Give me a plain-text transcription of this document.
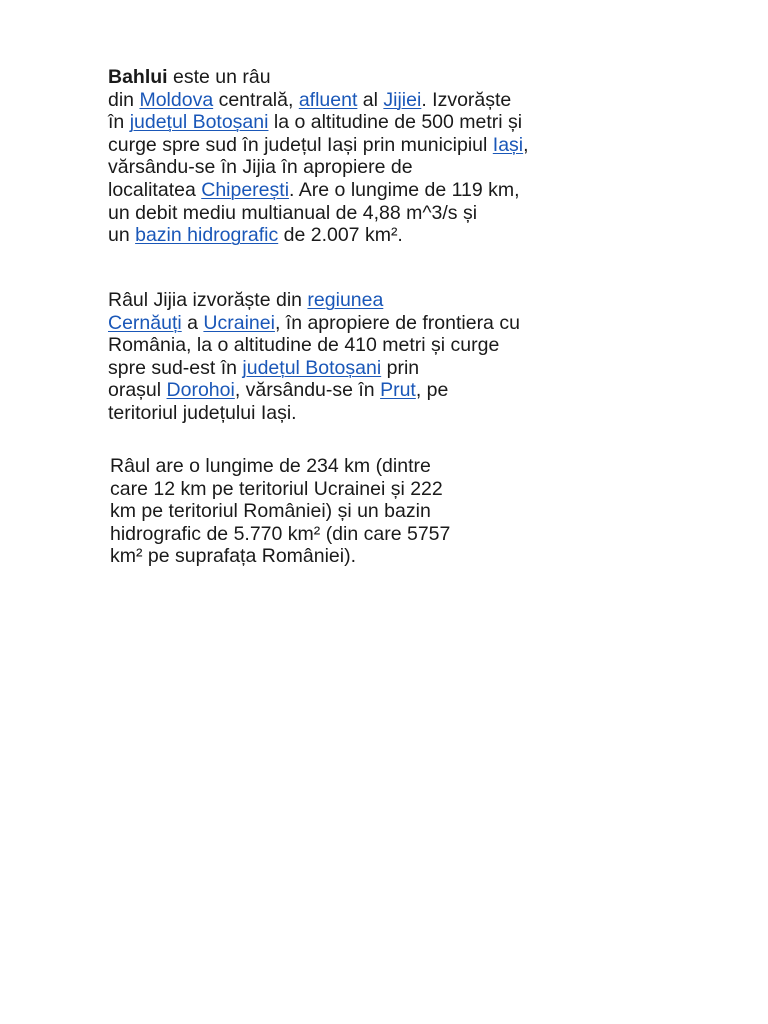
Bahlui este un râu
din Moldova centrală, afluent al Jijiei. Izvorăște
în județul Botoșani la o altitudine de 500 metri și
curge spre sud în județul Iași prin municipiul Iași,
vărsându-se în Jijia în apropiere de
localitatea Chiperești. Are o lungime de 119 km,
un debit mediu multianual de 4,88 m^3/s și
un bazin hidrografic de 2.007 km².
Râul Jijia izvorăște din regiunea
Cernăuți a Ucrainei, în apropiere de frontiera cu
România, la o altitudine de 410 metri și curge
spre sud-est în județul Botoșani prin
orașul Dorohoi, vărsându-se în Prut, pe
teritoriul județului Iași.
Râul are o lungime de 234 km (dintre
care 12 km pe teritoriul Ucrainei și 222
km pe teritoriul României) și un bazin
hidrografic de 5.770 km² (din care 5757
km² pe suprafața României).
